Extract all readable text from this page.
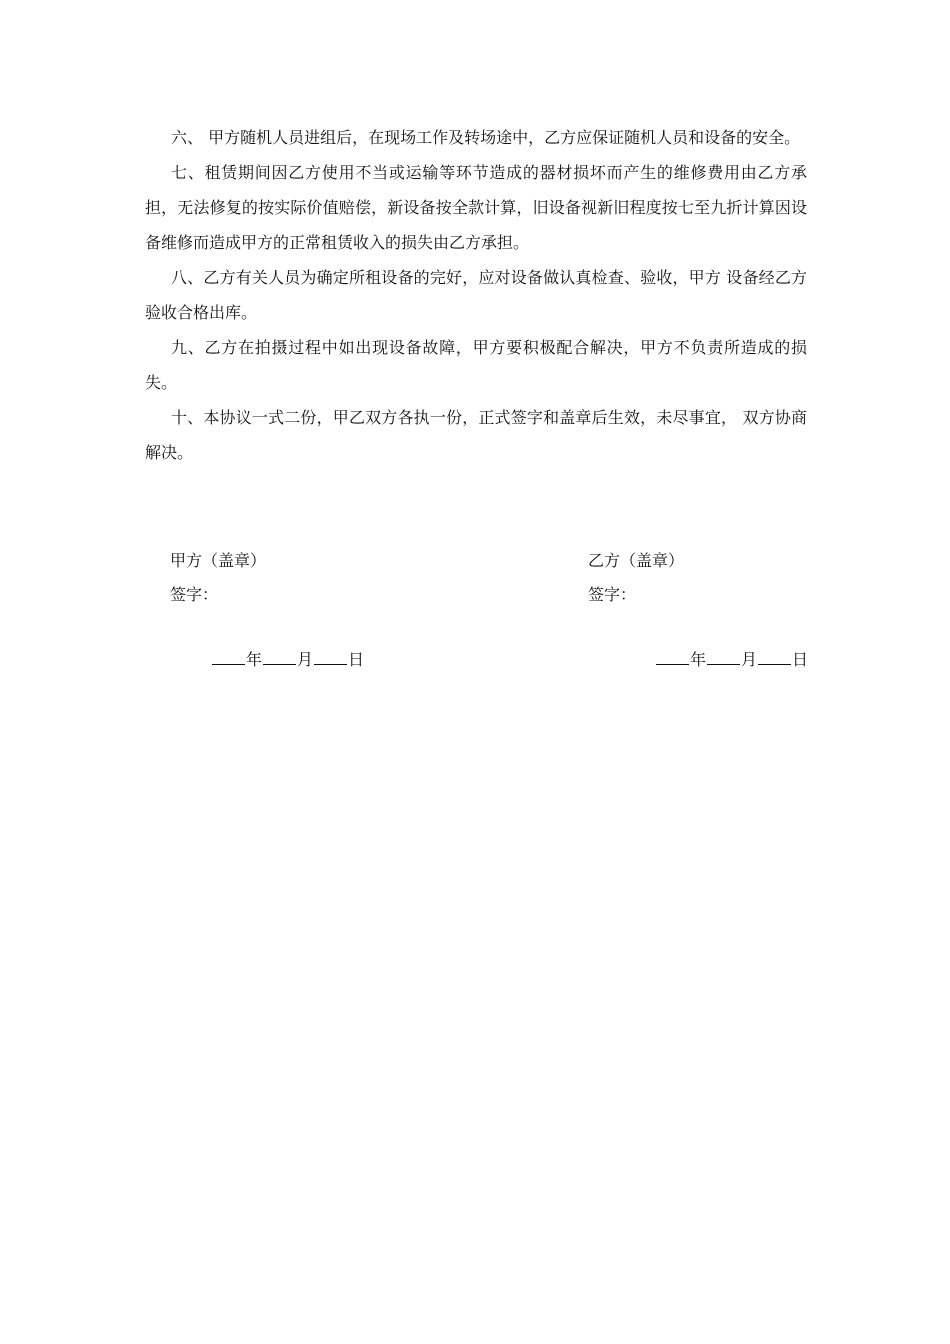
六、 甲方随机人员进组后，在现场工作及转场途中，乙方应保证随机人员和设备的安全。

七、租赁期间因乙方使用不当或运输等环节造成的器材损坏而产生的维修费用由乙方承担，无法修复的按实际价值赔偿，新设备按全款计算，旧设备视新旧程度按七至九折计算因设备维修而造成甲方的正常租赁收入的损失由乙方承担。

八、乙方有关人员为确定所租设备的完好，应对设备做认真检查、验收，甲方 设备经乙方验收合格出库。

九、乙方在拍摄过程中如出现设备故障，甲方要积极配合解决，甲方不负责所造成的损失。

十、本协议一式二份，甲乙双方各执一份，正式签字和盖章后生效，未尽事宜， 双方协商解决。

甲方（盖章）

签字：

乙方（盖章）

签字：

年 月 日	年 月 日
